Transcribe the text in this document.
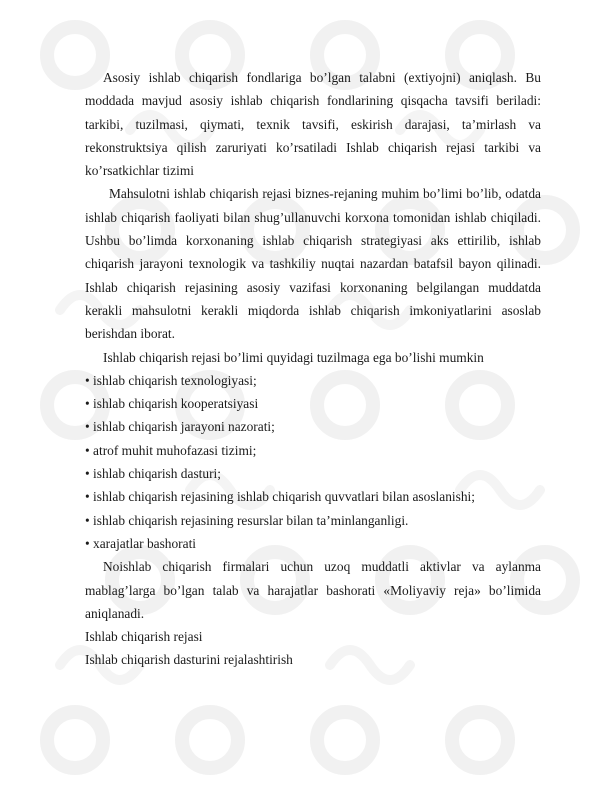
Asosiy ishlab chiqarish fondlariga bo’lgan talabni (extiyojni) aniqlash. Bu moddada mavjud asosiy ishlab chiqarish fondlarining qisqacha tavsifi beriladi: tarkibi, tuzilmasi, qiymati, texnik tavsifi, eskirish darajasi, ta’mirlash va rekonstruktsiya qilish zaruriyati ko’rsatiladi Ishlab chiqarish rejasi tarkibi va ko’rsatkichlar tizimi

Mahsulotni ishlab chiqarish rejasi biznes-rejaning muhim bo’limi bo’lib, odatda ishlab chiqarish faoliyati bilan shug’ullanuvchi korxona tomonidan ishlab chiqiladi. Ushbu bo’limda korxonaning ishlab chiqarish strategiyasi aks ettirilib, ishlab chiqarish jarayoni texnologik va tashkiliy nuqtai nazardan batafsil bayon qilinadi. Ishlab chiqarish rejasining asosiy vazifasi korxonaning belgilangan muddatda kerakli mahsulotni kerakli miqdorda ishlab chiqarish imkoniyatlarini asoslab berishdan iborat.

Ishlab chiqarish rejasi bo’limi quyidagi tuzilmaga ega bo’lishi mumkin

• ishlab chiqarish texnologiyasi;
• ishlab chiqarish kooperatsiyasi
• ishlab chiqarish jarayoni nazorati;
• atrof muhit muhofazasi tizimi;
• ishlab chiqarish dasturi;
• ishlab chiqarish rejasining ishlab chiqarish quvvatlari bilan asoslanishi;
• ishlab chiqarish rejasining resurslar bilan ta’minlanganligi.
• xarajatlar bashorati

Noishlab chiqarish firmalari uchun uzoq muddatli aktivlar va aylanma mablag’larga bo’lgan talab va harajatlar bashorati «Moliyaviy reja» bo’limida aniqlanadi.

Ishlab chiqarish rejasi

Ishlab chiqarish dasturini rejalashtirish
